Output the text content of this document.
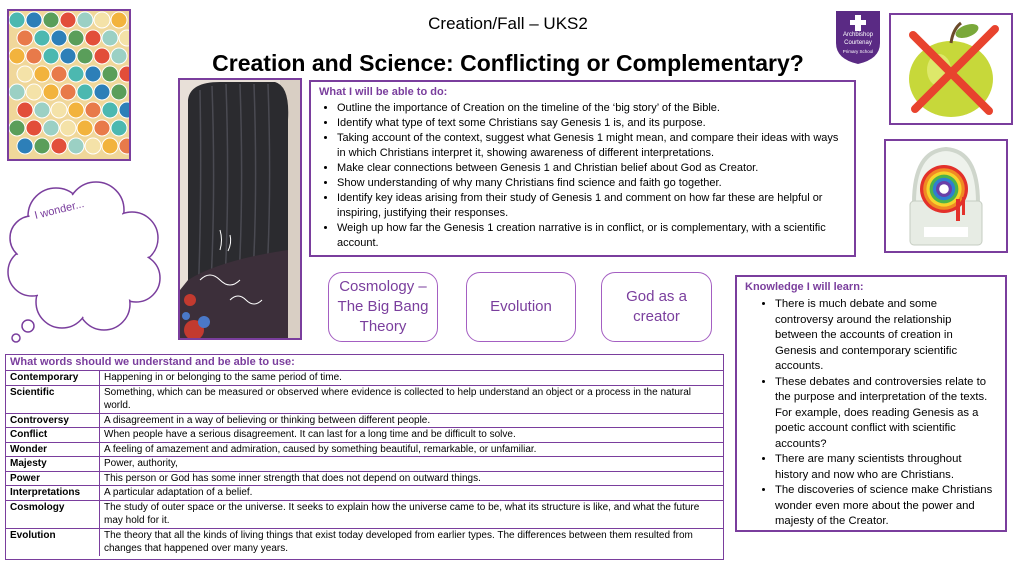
Creation/Fall – UKS2
Creation and Science: Conflicting or Complementary?
I wonder...
Archbishop
Courtenay
Primary School
What I will be able to do:
• Outline the importance of Creation on the timeline of the ‘big story’ of the Bible.
• Identify what type of text some Christians say Genesis 1 is, and its purpose.
• Taking account of the context, suggest what Genesis 1 might mean, and compare their ideas with ways in which Christians interpret it, showing awareness of different interpretations.
• Make clear connections between Genesis 1 and Christian belief about God as Creator.
• Show understanding of why many Christians find science and faith go together.
• Identify key ideas arising from their study of Genesis 1 and comment on how far these are helpful or inspiring, justifying their responses.
• Weigh up how far the Genesis 1 creation narrative is in conflict, or is complementary, with a scientific account.
Cosmology – The Big Bang Theory
Evolution
God as a creator
Knowledge I will learn:
• There is much debate and some controversy around the relationship between the accounts of creation in Genesis and contemporary scientific accounts.
• These debates and controversies relate to the purpose and interpretation of the texts. For example, does reading Genesis as a poetic account conflict with scientific accounts?
• There are many scientists throughout history and now who are Christians.
• The discoveries of science make Christians wonder even more about the power and majesty of the Creator.
What words should we understand and be able to use:
Contemporary	Happening in or belonging to the same period of time.
Scientific	Something, which can be measured or observed where evidence is collected to help understand an object or a process in the natural world.
Controversy	A disagreement in a way of believing or thinking between different people.
Conflict	When people have a serious disagreement. It can last for a long time and be difficult to solve.
Wonder	A feeling of amazement and admiration, caused by something beautiful, remarkable, or unfamiliar.
Majesty	Power, authority,
Power	This person or God has some inner strength that does not depend on outward things.
Interpretations	A particular adaptation of a belief.
Cosmology	The study of outer space or the universe. It seeks to explain how the universe came to be, what its structure is like, and what the future may hold for it.
Evolution	The theory that all the kinds of living things that exist today developed from earlier types. The differences between them resulted from changes that happened over many years.
